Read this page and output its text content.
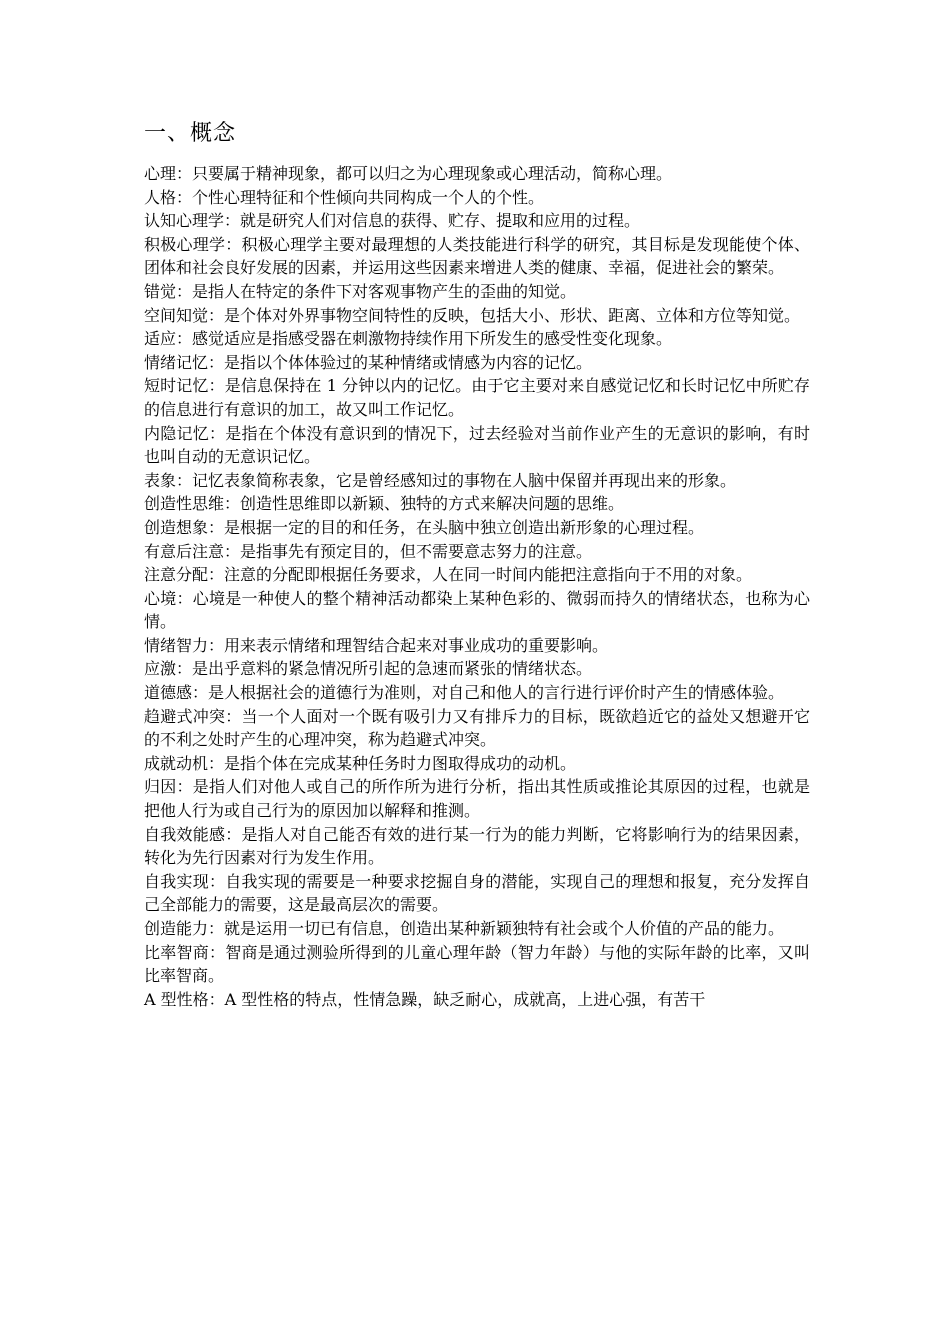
一、概念

心理：只要属于精神现象，都可以归之为心理现象或心理活动，简称心理。

人格：个性心理特征和个性倾向共同构成一个人的个性。

认知心理学：就是研究人们对信息的获得、贮存、提取和应用的过程。

积极心理学：积极心理学主要对最理想的人类技能进行科学的研究，其目标是发现能使个体、团体和社会良好发展的因素，并运用这些因素来增进人类的健康、幸福，促进社会的繁荣。

错觉：是指人在特定的条件下对客观事物产生的歪曲的知觉。

空间知觉：是个体对外界事物空间特性的反映，包括大小、形状、距离、立体和方位等知觉。

适应：感觉适应是指感受器在刺激物持续作用下所发生的感受性变化现象。

情绪记忆：是指以个体体验过的某种情绪或情感为内容的记忆。

短时记忆：是信息保持在 1 分钟以内的记忆。由于它主要对来自感觉记忆和长时记忆中所贮存的信息进行有意识的加工，故又叫工作记忆。

内隐记忆：是指在个体没有意识到的情况下，过去经验对当前作业产生的无意识的影响，有时也叫自动的无意识记忆。

表象：记忆表象简称表象，它是曾经感知过的事物在人脑中保留并再现出来的形象。

创造性思维：创造性思维即以新颖、独特的方式来解决问题的思维。

创造想象：是根据一定的目的和任务，在头脑中独立创造出新形象的心理过程。

有意后注意：是指事先有预定目的，但不需要意志努力的注意。

注意分配：注意的分配即根据任务要求，人在同一时间内能把注意指向于不用的对象。

心境：心境是一种使人的整个精神活动都染上某种色彩的、微弱而持久的情绪状态，也称为心情。

情绪智力：用来表示情绪和理智结合起来对事业成功的重要影响。

应激：是出乎意料的紧急情况所引起的急速而紧张的情绪状态。

道德感：是人根据社会的道德行为准则，对自己和他人的言行进行评价时产生的情感体验。

趋避式冲突：当一个人面对一个既有吸引力又有排斥力的目标，既欲趋近它的益处又想避开它的不利之处时产生的心理冲突，称为趋避式冲突。

成就动机：是指个体在完成某种任务时力图取得成功的动机。

归因：是指人们对他人或自己的所作所为进行分析，指出其性质或推论其原因的过程，也就是把他人行为或自己行为的原因加以解释和推测。

自我效能感：是指人对自己能否有效的进行某一行为的能力判断，它将影响行为的结果因素，转化为先行因素对行为发生作用。

自我实现：自我实现的需要是一种要求挖掘自身的潜能，实现自己的理想和报复，充分发挥自己全部能力的需要，这是最高层次的需要。

创造能力：就是运用一切已有信息，创造出某种新颖独特有社会或个人价值的产品的能力。

比率智商：智商是通过测验所得到的儿童心理年龄（智力年龄）与他的实际年龄的比率，又叫比率智商。

A 型性格：A 型性格的特点，性情急躁，缺乏耐心，成就高，上进心强，有苦干
